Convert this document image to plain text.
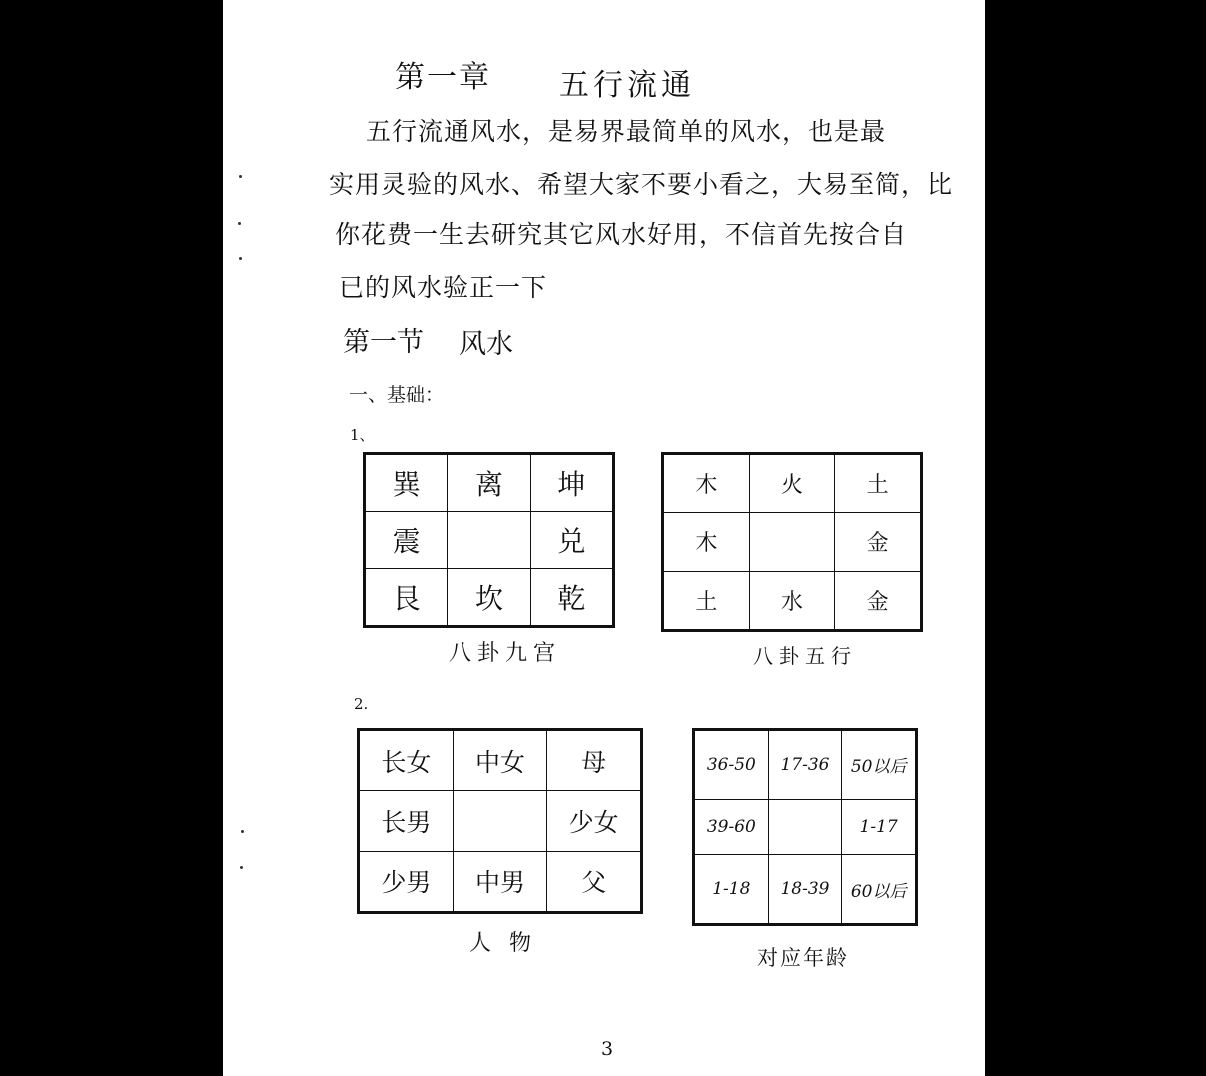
第一章 五行流通
五行流通风水，是易界最简单的风水，也是最
实用灵验的风水、希望大家不要小看之，大易至简，比
你花费一生去研究其它风水好用，不信首先按合自
已的风水验正一下
第一节 风水
一、基础：
1、
2.
巽	离	坤
震		兑
艮	坎	乾
八卦九宫
木	火	土
木		金
土	水	金
八卦五行
长女	中女	母
长男		少女
少男	中男	父
人物
36-50	17-36	50以后
39-60		1-17
1-18	18-39	60以后
对应年龄
3
